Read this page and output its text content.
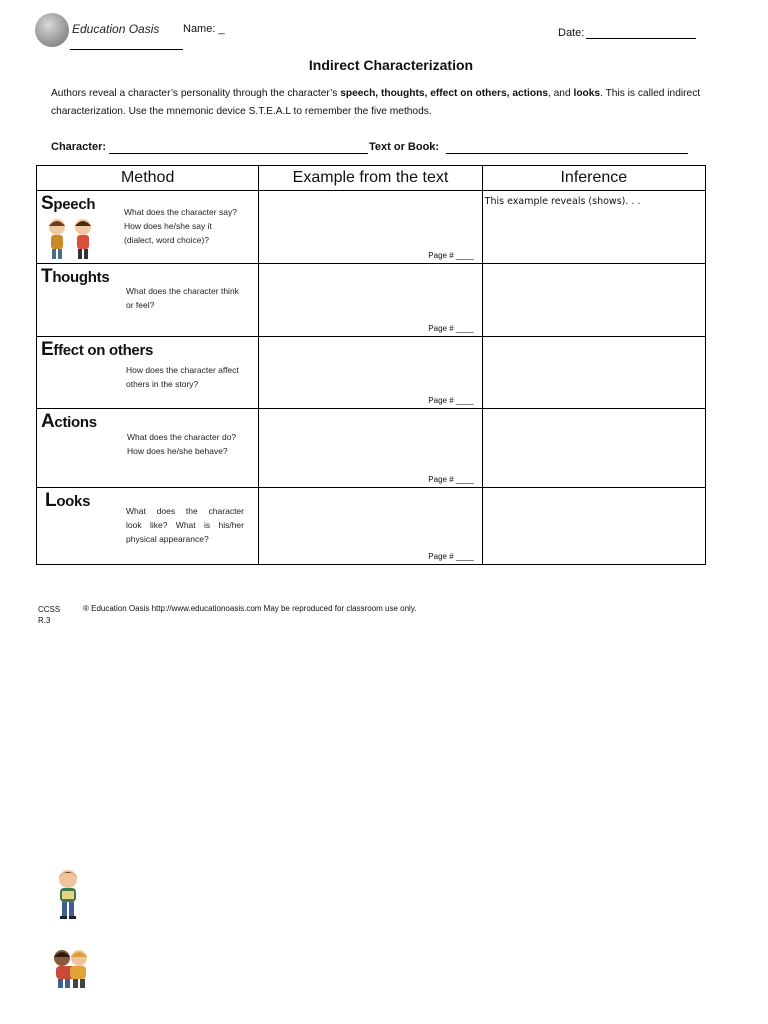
Education Oasis Name: _	Date:
Indirect Characterization
Authors reveal a character’s personality through the character’s speech, thoughts, effect on others, actions, and looks. This is called indirect characterization. Use the mnemonic device S.T.E.A.L to remember the five methods.
Character:	Text or Book:
Method	Example from the text	Inference

Speech What does the character say?
How does he/she say it
(dialect, word choice)?	Page # ____	This example reveals (shows). . .

Thoughts
What does the character think
or feel?	Page # ____	

Effect on others
How does the character affect
others in the story?	Page # ____	

Actions
What does the character do?
How does he/she behave?	Page # ____	

Looks
What does the character
look like? What is his/her
physical appearance?	Page # ____	

CCSS
R.3
® Education Oasis http://www.educationoasis.com May be reproduced for classroom use only.
